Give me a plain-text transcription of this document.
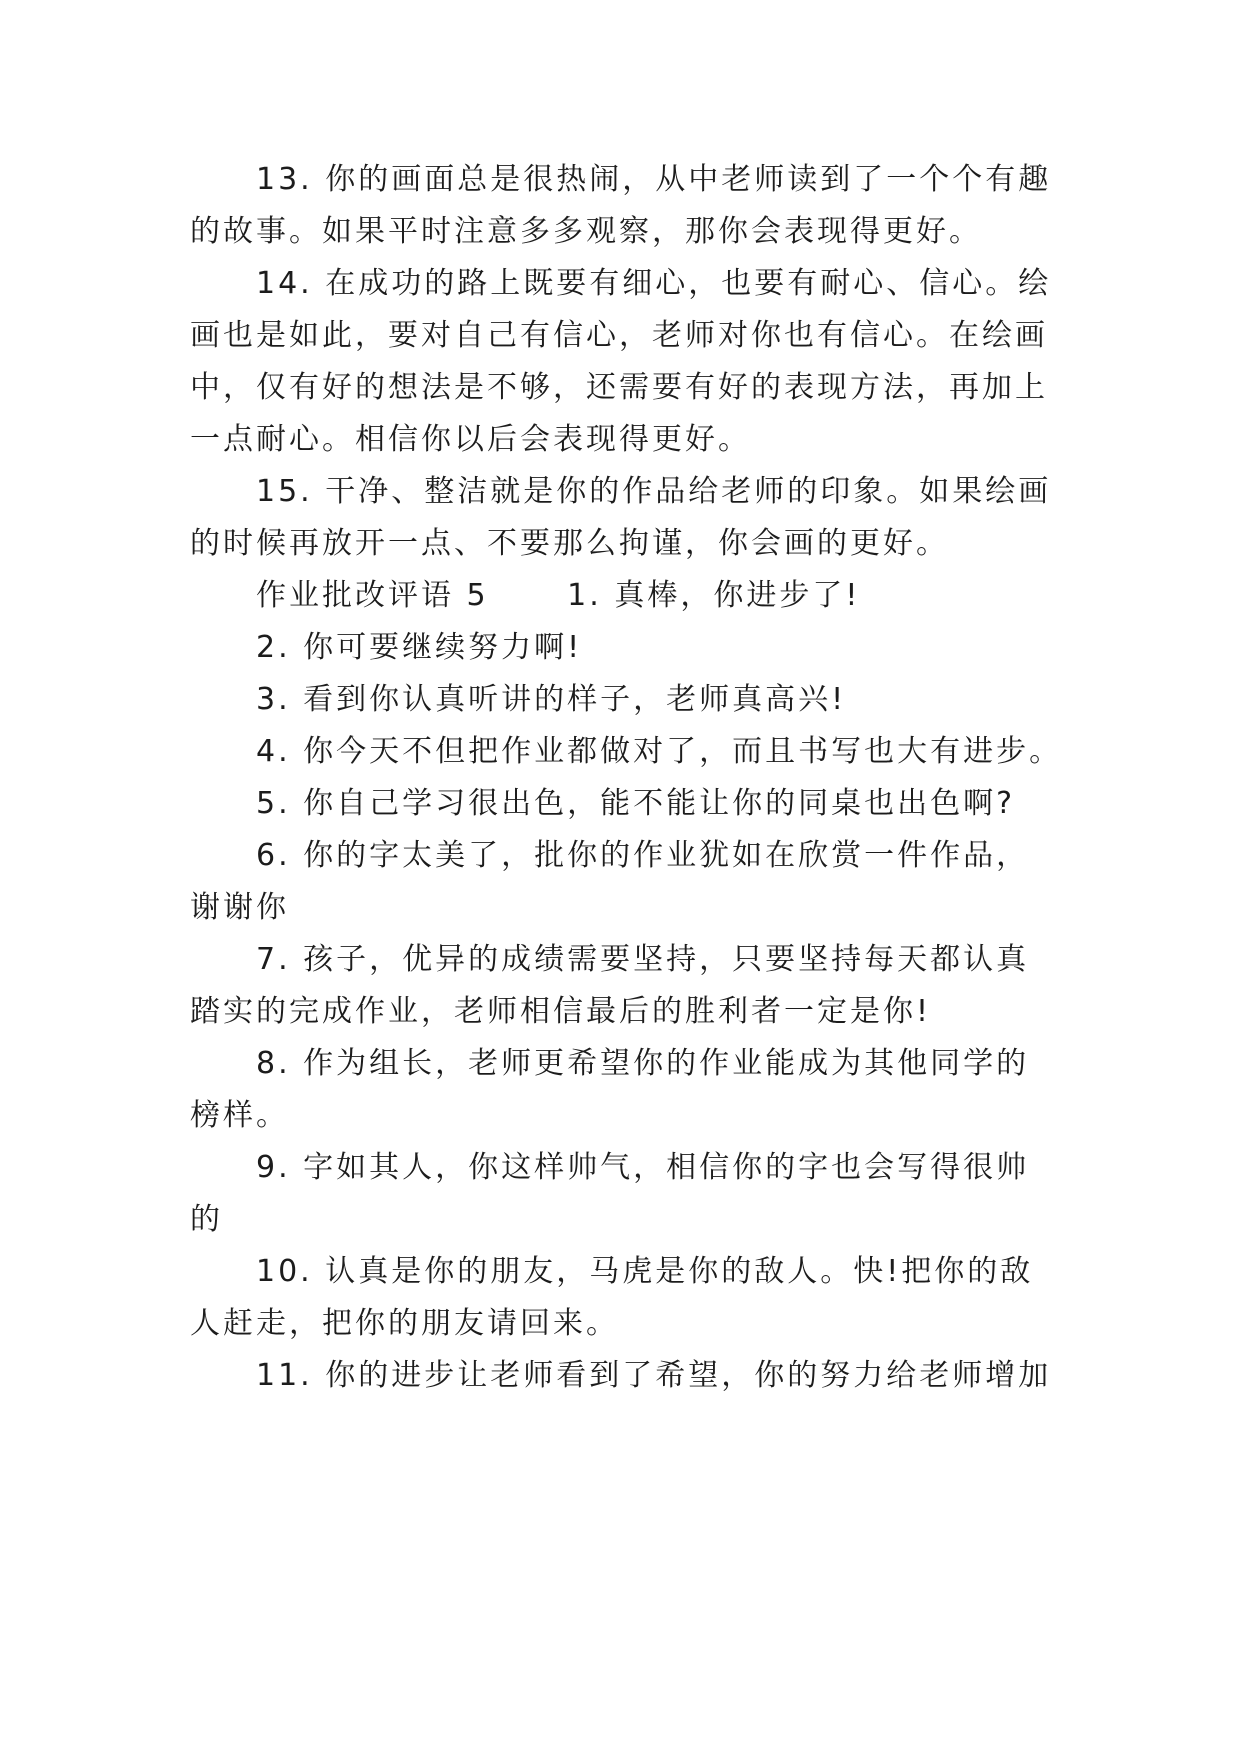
13. 你的画面总是很热闹，从中老师读到了一个个有趣
的故事。如果平时注意多多观察，那你会表现得更好。
14. 在成功的路上既要有细心，也要有耐心、信心。绘
画也是如此，要对自己有信心，老师对你也有信心。在绘画
中，仅有好的想法是不够，还需要有好的表现方法，再加上
一点耐心。相信你以后会表现得更好。
15. 干净、整洁就是你的作品给老师的印象。如果绘画
的时候再放开一点、不要那么拘谨，你会画的更好。
作业批改评语 5　　 1. 真棒，你进步了!
2. 你可要继续努力啊!
3. 看到你认真听讲的样子，老师真高兴!
4. 你今天不但把作业都做对了，而且书写也大有进步。
5. 你自己学习很出色，能不能让你的同桌也出色啊?
6. 你的字太美了，批你的作业犹如在欣赏一件作品，
谢谢你
7. 孩子，优异的成绩需要坚持，只要坚持每天都认真
踏实的完成作业，老师相信最后的胜利者一定是你!
8. 作为组长，老师更希望你的作业能成为其他同学的
榜样。
9. 字如其人，你这样帅气，相信你的字也会写得很帅
的
10. 认真是你的朋友，马虎是你的敌人。快!把你的敌
人赶走，把你的朋友请回来。
11. 你的进步让老师看到了希望，你的努力给老师增加
